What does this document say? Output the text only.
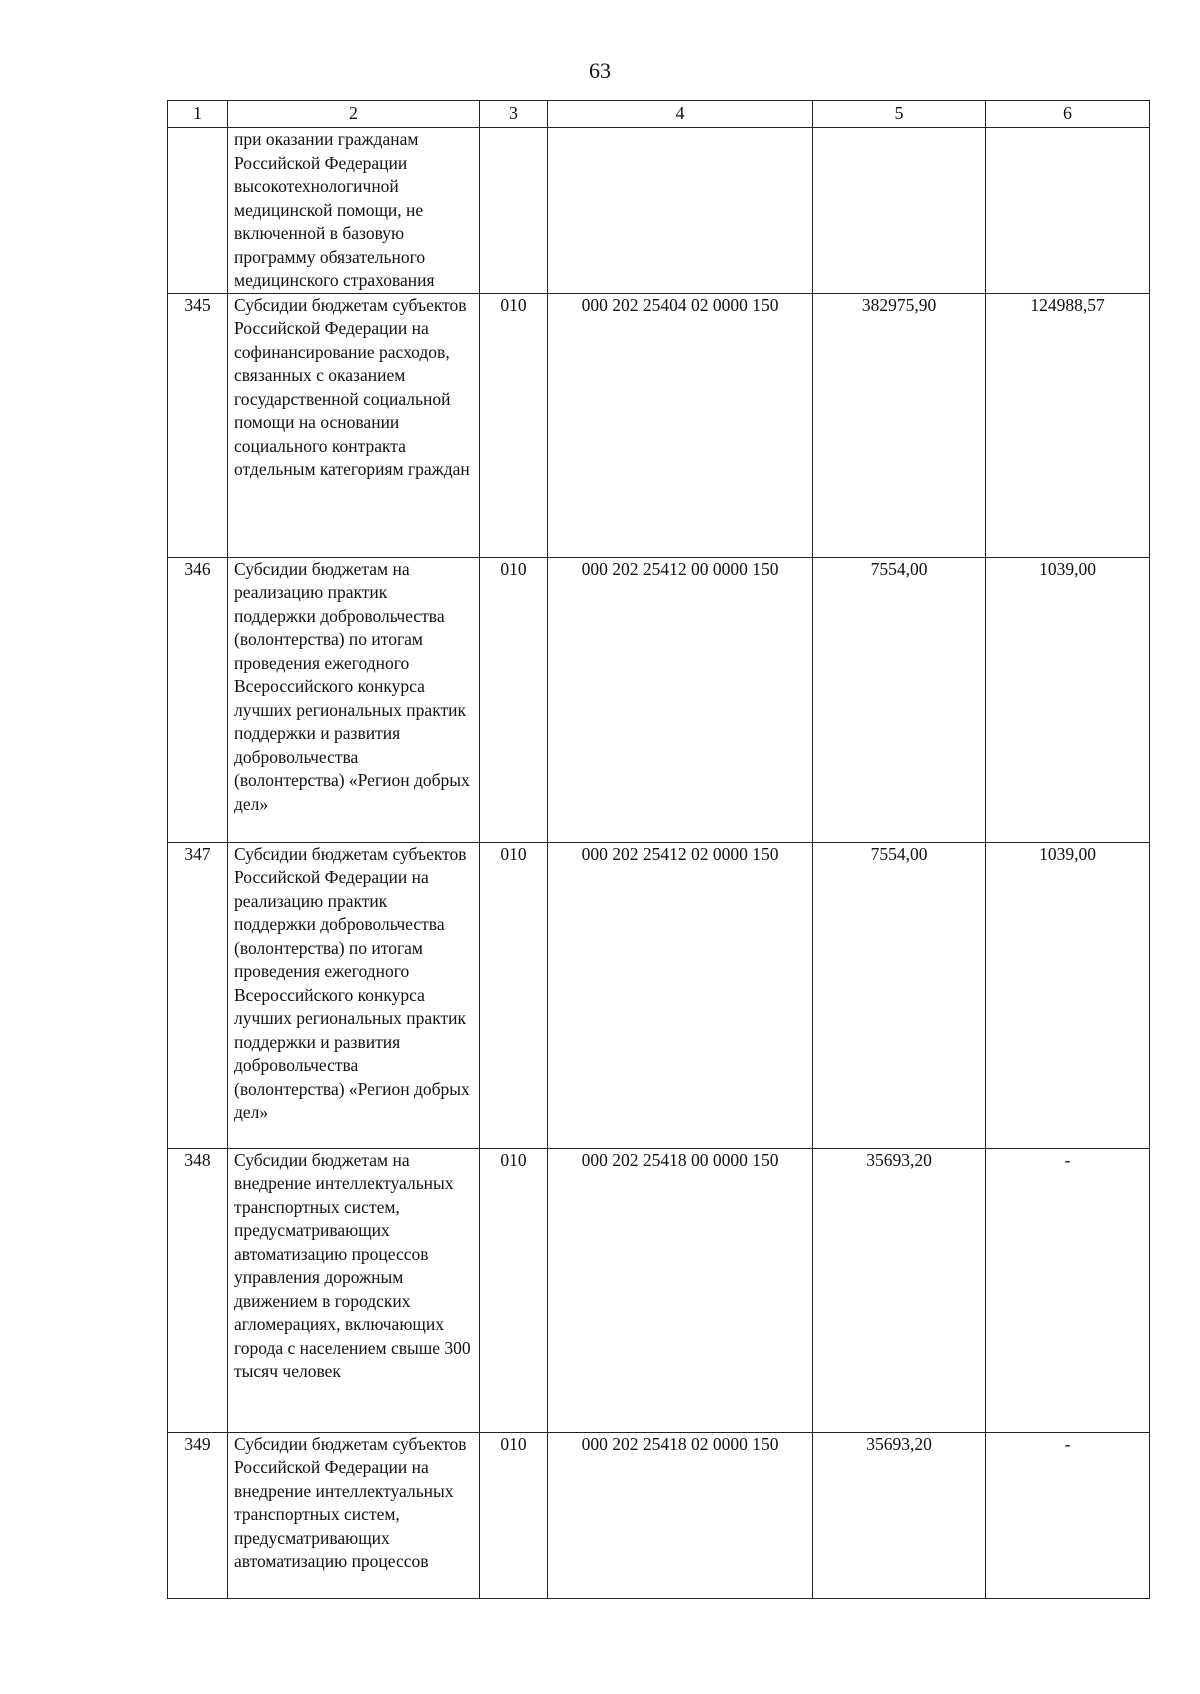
63
1	2	3	4	5	6
	при оказании гражданам Российской Федерации высокотехнологичной медицинской помощи, не включенной в базовую программу обязательного медицинского страхования				
345	Субсидии бюджетам субъектов Российской Федерации на софинансирование расходов, связанных с оказанием государственной социальной помощи на основании социального контракта отдельным категориям граждан	010	000 202 25404 02 0000 150	382975,90	124988,57
346	Субсидии бюджетам на реализацию практик поддержки добровольчества (волонтерства) по итогам проведения ежегодного Всероссийского конкурса лучших региональных практик поддержки и развития добровольчества (волонтерства) «Регион добрых дел»	010	000 202 25412 00 0000 150	7554,00	1039,00
347	Субсидии бюджетам субъектов Российской Федерации на реализацию практик поддержки добровольчества (волонтерства) по итогам проведения ежегодного Всероссийского конкурса лучших региональных практик поддержки и развития добровольчества (волонтерства) «Регион добрых дел»	010	000 202 25412 02 0000 150	7554,00	1039,00
348	Субсидии бюджетам на внедрение интеллектуальных транспортных систем, предусматривающих автоматизацию процессов управления дорожным движением в городских агломерациях, включающих города с населением свыше 300 тысяч человек	010	000 202 25418 00 0000 150	35693,20	-
349	Субсидии бюджетам субъектов Российской Федерации на внедрение интеллектуальных транспортных систем, предусматривающих автоматизацию процессов	010	000 202 25418 02 0000 150	35693,20	-
